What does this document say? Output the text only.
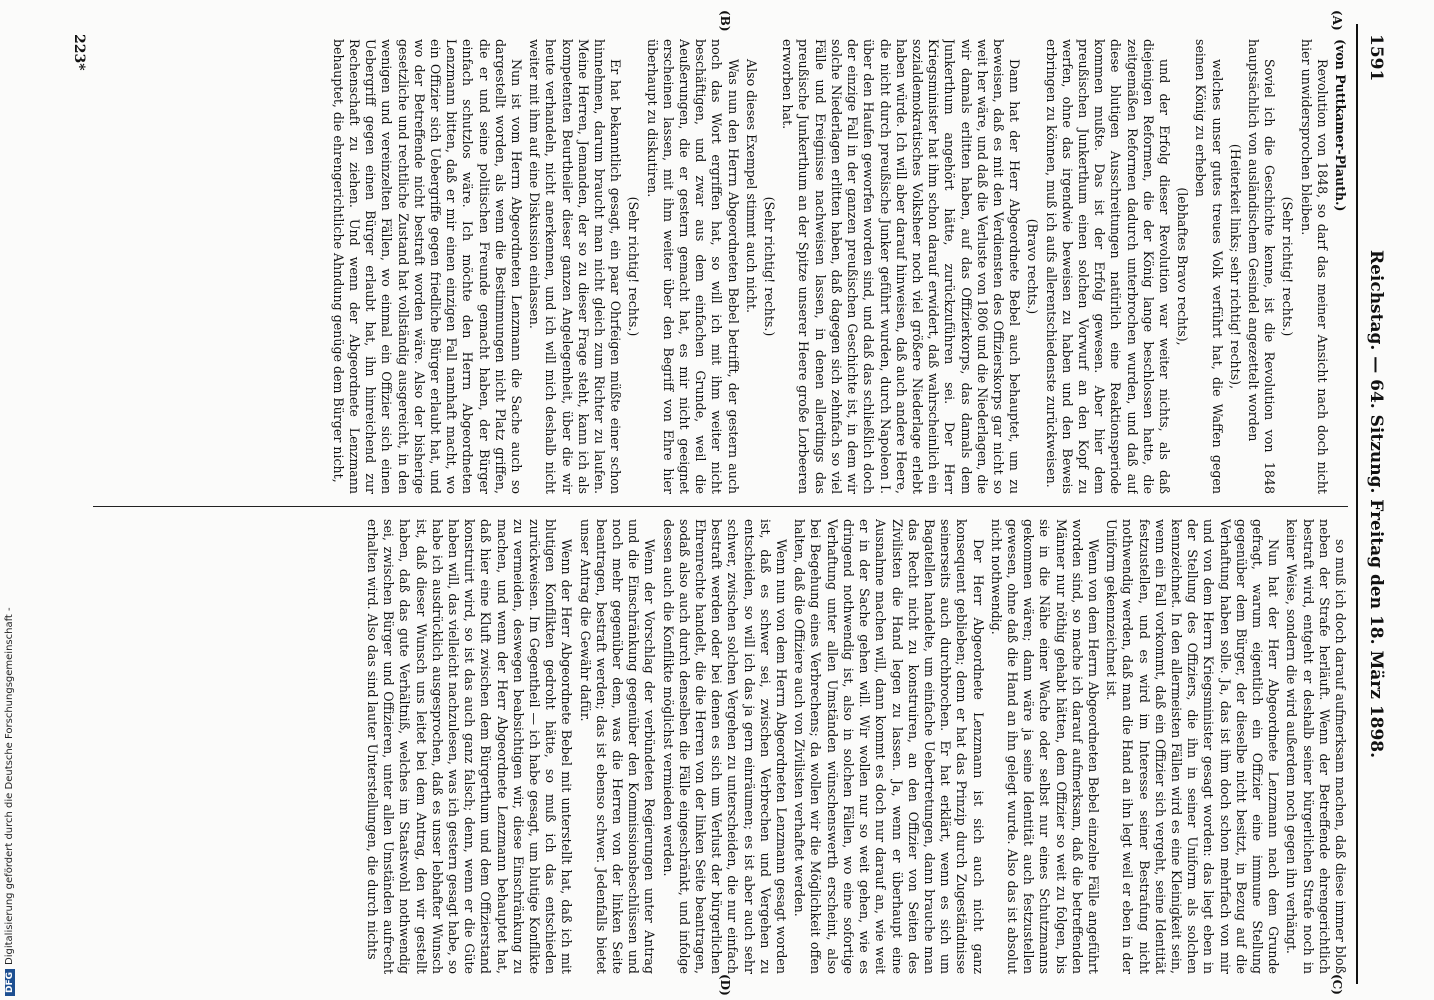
1591
Reichstag. — 64. Sitzung. Freitag den 18. März 1898.
(A)
(B)
(C)
(D)

(von Puttkamer-Plauth.)

Revolution von 1848, so darf das meiner Ansicht nach doch nicht hier unwidersprochen bleiben.

(Sehr richtig! rechts.)

Soviel ich die Geschichte kenne, ist die Revolution von 1848 hauptsächlich von ausländischem Gesindel angezettelt worden

(Heiterkeit links; sehr richtig! rechts),

welches unser gutes treues Volk verführt hat, die Waffen gegen seinen König zu erheben

(lebhaftes Bravo rechts),

und der Erfolg dieser Revolution war weiter nichts, als daß diejenigen Reformen, die der König lange beschlossen hatte, die zeitgemäßen Reformen dadurch unterbrochen wurden, und daß auf diese blutigen Ausschreitungen natürlich eine Reaktionsperiode kommen mußte. Das ist der Erfolg gewesen. Aber hier dem preußischen Junkerthum einen solchen Vorwurf an den Kopf zu werfen, ohne das irgendwie beweisen zu haben und den Beweis erbringen zu können, muß ich aufs allerentschiedenste zurückweisen.

(Bravo rechts.)

Dann hat der Herr Abgeordnete Bebel auch behauptet, um zu beweisen, daß es mit den Verdiensten des Offizierskorps gar nicht so weit her wäre, und daß die Verluste von 1806 und die Niederlagen, die wir damals erlitten haben, auf das Offizierkorps, das damals dem Junkerthum angehört hätte, zurückzuführen sei. Der Herr Kriegsminister hat ihm schon darauf erwidert, daß wahrscheinlich ein sozialdemokratisches Volksheer noch viel größere Niederlage erlebt haben würde. Ich will aber darauf hinweisen, daß auch andere Heere, die nicht durch preußische Junker geführt wurden, durch Napoleon I. über den Haufen geworfen worden sind, und daß das schließlich doch der einzige Fall in der ganzen preußischen Geschichte ist, in dem wir solche Niederlagen erlitten haben, daß dagegen sich zehnfach so viel Fälle und Ereignisse nachweisen lassen, in denen allerdings das preußische Junkerthum an der Spitze unserer Heere große Lorbeeren erworben hat.

(Sehr richtig! rechts.)

Also dieses Exempel stimmt auch nicht.

Was nun den Herrn Abgeordneten Bebel betrifft, der gestern auch noch das Wort ergriffen hat, so will ich mit ihm weiter nicht beschäftigen, und zwar aus dem einfachen Grunde, weil die Aeußerungen, die er gestern gemacht hat, es mir nicht geeignet erscheinen lassen, mit ihm weiter über den Begriff von Ehre hier überhaupt zu diskutiren.

(Sehr richtig! rechts.)

Er hat bekanntlich gesagt, ein paar Ohrfeigen müßte einer schon hinnehmen, darum braucht man nicht gleich zum Richter zu laufen. Meine Herren, Jemanden, der so zu dieser Frage steht, kann ich als kompetenten Beurtheiler dieser ganzen Angelegenheit, über die wir heute verhandeln, nicht anerkennen, und ich will mich deshalb nicht weiter mit ihm auf eine Diskussion einlassen.

Nun ist vom Herrn Abgeordneten Lenzmann die Sache auch so dargestellt worden, als wenn die Bestimmungen nicht Platz griffen, die er und seine politischen Freunde gemacht haben, der Bürger einfach schutzlos wäre. Ich möchte den Herrn Abgeordneten Lenzmann bitten, daß er mir einen einzigen Fall namhaft macht, wo ein Offizier sich Uebergriffe gegen friedliche Bürger erlaubt hat, und wo der Betreffende nicht bestraft worden wäre. Also der bisherige gesetzliche und rechtliche Zustand hat vollständig ausgereicht, in den wenigen und vereinzelten Fällen, wo einmal ein Offizier sich einen Uebergriff gegen einen Bürger erlaubt hat, ihn hinreichend zur Rechenschaft zu ziehen. Und wenn der Abgeordnete Lenzmann behauptet, die ehrengerichtliche Ahndung genüge dem Bürger nicht,

so muß ich doch darauf aufmerksam machen, daß diese immer bloß neben der Strafe herläuft. Wenn der Betreffende ehrengerichtlich bestraft wird, entgeht er deshalb seiner bürgerlichen Strafe noch in keiner Weise, sondern die wird außerdem noch gegen ihn verhängt.

Nun hat der Herr Abgeordnete Lenzmann nach dem Grunde gefragt, warum eigentlich ein Offizier eine immune Stellung gegenüber dem Bürger, der dieselbe nicht besitzt, in Bezug auf die Verhaftung haben solle. Ja, das ist ihm doch schon mehrfach von mir und von dem Herrn Kriegsminister gesagt worden: das liegt eben in der Stellung des Offiziers, die ihn in seiner Uniform als solchen kennzeichnet. In den allermeisten Fällen wird es eine Kleinigkeit sein, wenn ein Fall vorkommt, daß ein Offizier sich vergeht, seine Identität festzustellen, und es wird im Interesse seiner Bestrafung nicht nothwendig werden, daß man die Hand an ihn legt weil er eben in der Uniform gekennzeichnet ist.

Wenn von dem Herrn Abgeordneten Bebel einzelne Fälle angeführt worden sind, so mache ich darauf aufmerksam, daß die betreffenden Männer nur nöthig gehabt hätten, dem Offizier so weit zu folgen, bis sie in die Nähe einer Wache oder selbst nur eines Schutzmanns gekommen wären; dann wäre ja seine Identität auch festzustellen gewesen, ohne daß die Hand an ihn gelegt wurde. Also das ist absolut nicht nothwendig.

Der Herr Abgeordnete Lenzmann ist sich auch nicht ganz konsequent geblieben; denn er hat das Prinzip durch Zugeständnisse seinerseits auch durchbrochen. Er hat erklärt, wenn es sich um Bagatellen handelte, um einfache Uebertretungen, dann brauche man das Recht nicht zu konstruiren, an den Offizier von Seiten des Zivilisten die Hand legen zu lassen. Ja, wenn er überhaupt eine Ausnahme machen will, dann kommt es doch nur darauf an, wie weit er in der Sache gehen will. Wir wollen nur so weit gehen, wie es dringend nothwendig ist, also in solchen Fällen, wo eine sofortige Verhaftung unter allen Umständen wünschenswerth erscheint, also bei Begehung eines Verbrechens; da wollen wir die Möglichkeit offen halten, daß die Offiziere auch von Zivilisten verhaftet werden.

Wenn nun von dem Herrn Abgeordneten Lenzmann gesagt worden ist, daß es schwer sei, zwischen Verbrechen und Vergehen zu entscheiden, so will ich das ja gern einräumen; es ist aber auch sehr schwer, zwischen solchen Vergehen zu unterscheiden, die nur einfach bestraft werden oder bei denen es sich um Verlust der bürgerlichen Ehrenrechte handelt, die die Herren von der linken Seite beantragen, sodaß also auch durch denselben die Fälle eingeschränkt, und infolge dessen auch die Konflikte möglichst vermieden werden.

Wenn der Vorschlag der verbündeten Regierungen unter Antrag und die Einschränkung gegenüber den Kommissionsbeschlüssen und noch mehr gegenüber dem, was die Herren von der linken Seite beantragen, bestraft werden; das ist ebenso schwer. Jedenfalls bietet unser Antrag die Gewähr dafür.

Wenn der Herr Abgeordnete Bebel mit unterstellt hat, daß ich mit blutigen Konflikten gedroht hätte, so muß ich das entschieden zurückweisen. Im Gegentheil — ich habe gesagt, um blutige Konflikte zu vermeiden, deswegen beabsichtigen wir, diese Einschränkung zu machen, und wenn der Herr Abgeordnete Lenzmann behauptet hat, daß hier eine Kluft zwischen dem Bürgerthum und dem Offizierstand konstruirt wird, so ist das auch ganz falsch; denn, wenn er die Güte haben will, das vielleicht nachzulesen, was ich gestern gesagt habe, so habe ich ausdrücklich ausgesprochen, daß es unser lebhafter Wunsch ist, daß dieser Wunsch uns leitet bei dem Antrag, den wir gestellt haben, daß das gute Verhältniß, welches im Staatswohl nothwendig sei, zwischen Bürger und Offizieren, unter allen Umständen aufrecht erhalten wird. Also das sind lauter Unterstellungen, die durch nichts

223*
DFGDigitalisierung gefördert durch die Deutsche Forschungsgemeinschaft -
